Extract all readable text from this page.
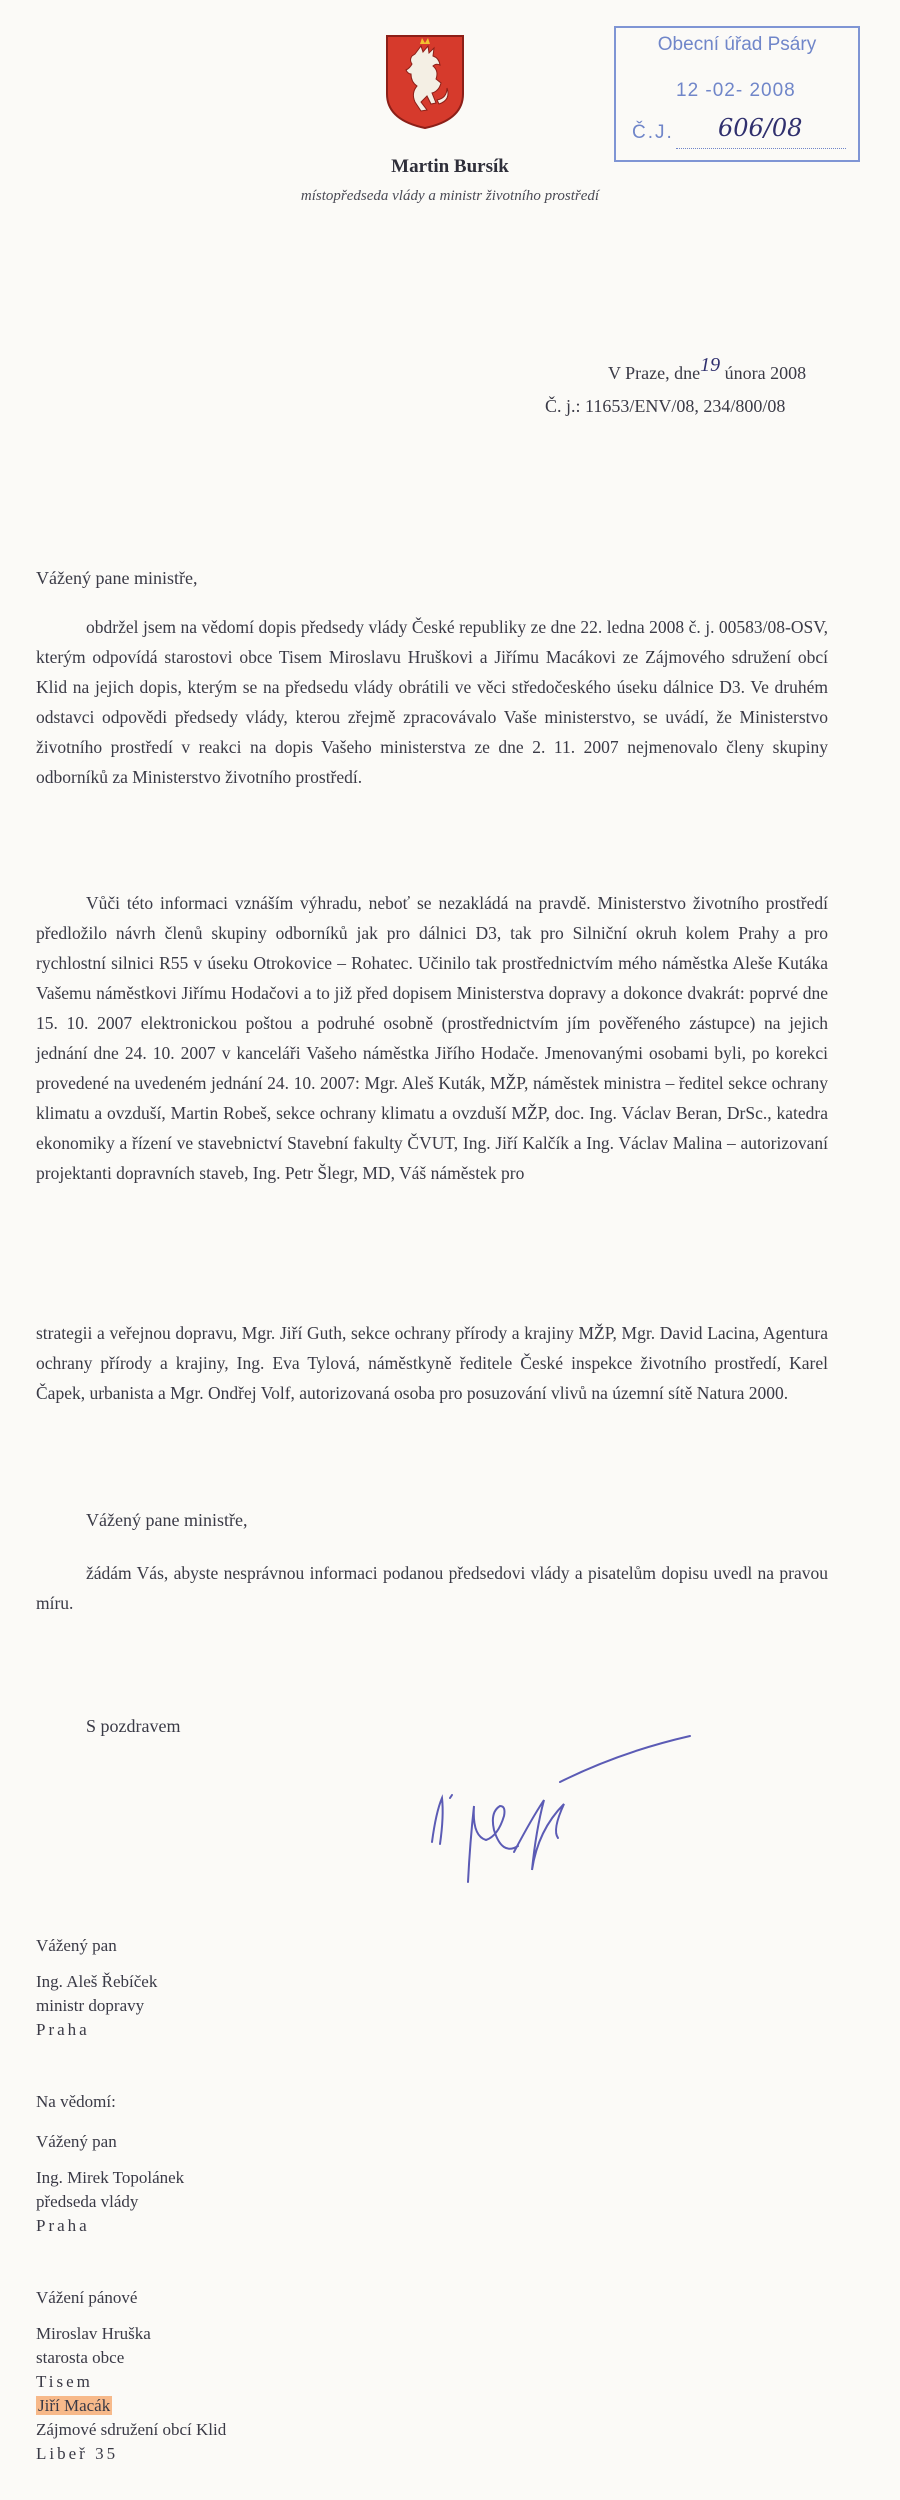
Martin Bursík
místopředseda vlády a ministr životního prostředí
Obecní úřad Psáry
12 -02- 2008
Č.J. 606/08
V Praze, dne19 února 2008
Č. j.: 11653/ENV/08, 234/800/08
Vážený pane ministře,
obdržel jsem na vědomí dopis předsedy vlády České republiky ze dne 22. ledna 2008 č. j. 00583/08-OSV, kterým odpovídá starostovi obce Tisem Miroslavu Hruškovi a Jiřímu Macákovi ze Zájmového sdružení obcí Klid na jejich dopis, kterým se na předsedu vlády obrátili ve věci středočeského úseku dálnice D3. Ve druhém odstavci odpovědi předsedy vlády, kterou zřejmě zpracovávalo Vaše ministerstvo, se uvádí, že Ministerstvo životního prostředí v reakci na dopis Vašeho ministerstva ze dne 2. 11. 2007 nejmenovalo členy skupiny odborníků za Ministerstvo životního prostředí.
Vůči této informaci vznáším výhradu, neboť se nezakládá na pravdě. Ministerstvo životního prostředí předložilo návrh členů skupiny odborníků jak pro dálnici D3, tak pro Silniční okruh kolem Prahy a pro rychlostní silnici R55 v úseku Otrokovice – Rohatec. Učinilo tak prostřednictvím mého náměstka Aleše Kutáka Vašemu náměstkovi Jiřímu Hodačovi a to již před dopisem Ministerstva dopravy a dokonce dvakrát: poprvé dne 15. 10. 2007 elektronickou poštou a podruhé osobně (prostřednictvím jím pověřeného zástupce) na jejich jednání dne 24. 10. 2007 v kanceláři Vašeho náměstka Jiřího Hodače. Jmenovanými osobami byli, po korekci provedené na uvedeném jednání 24. 10. 2007: Mgr. Aleš Kuták, MŽP, náměstek ministra – ředitel sekce ochrany klimatu a ovzduší, Martin Robeš, sekce ochrany klimatu a ovzduší MŽP, doc. Ing. Václav Beran, DrSc., katedra ekonomiky a řízení ve stavebnictví Stavební fakulty ČVUT, Ing. Jiří Kalčík a Ing. Václav Malina – autorizovaní projektanti dopravních staveb, Ing. Petr Šlegr, MD, Váš náměstek pro
strategii a veřejnou dopravu, Mgr. Jiří Guth, sekce ochrany přírody a krajiny MŽP, Mgr. David Lacina, Agentura ochrany přírody a krajiny, Ing. Eva Tylová, náměstkyně ředitele České inspekce životního prostředí, Karel Čapek, urbanista a Mgr. Ondřej Volf, autorizovaná osoba pro posuzování vlivů na územní sítě Natura 2000.
Vážený pane ministře,
žádám Vás, abyste nesprávnou informaci podanou předsedovi vlády a pisatelům dopisu uvedl na pravou míru.
S pozdravem
Vážený pan
Ing. Aleš Řebíček
ministr dopravy
Praha
Na vědomí:
Vážený pan
Ing. Mirek Topolánek
předseda vlády
Praha
Vážení pánové
Miroslav Hruška
starosta obce
Tisem
Jiří Macák
Zájmové sdružení obcí Klid
Libeř 35
